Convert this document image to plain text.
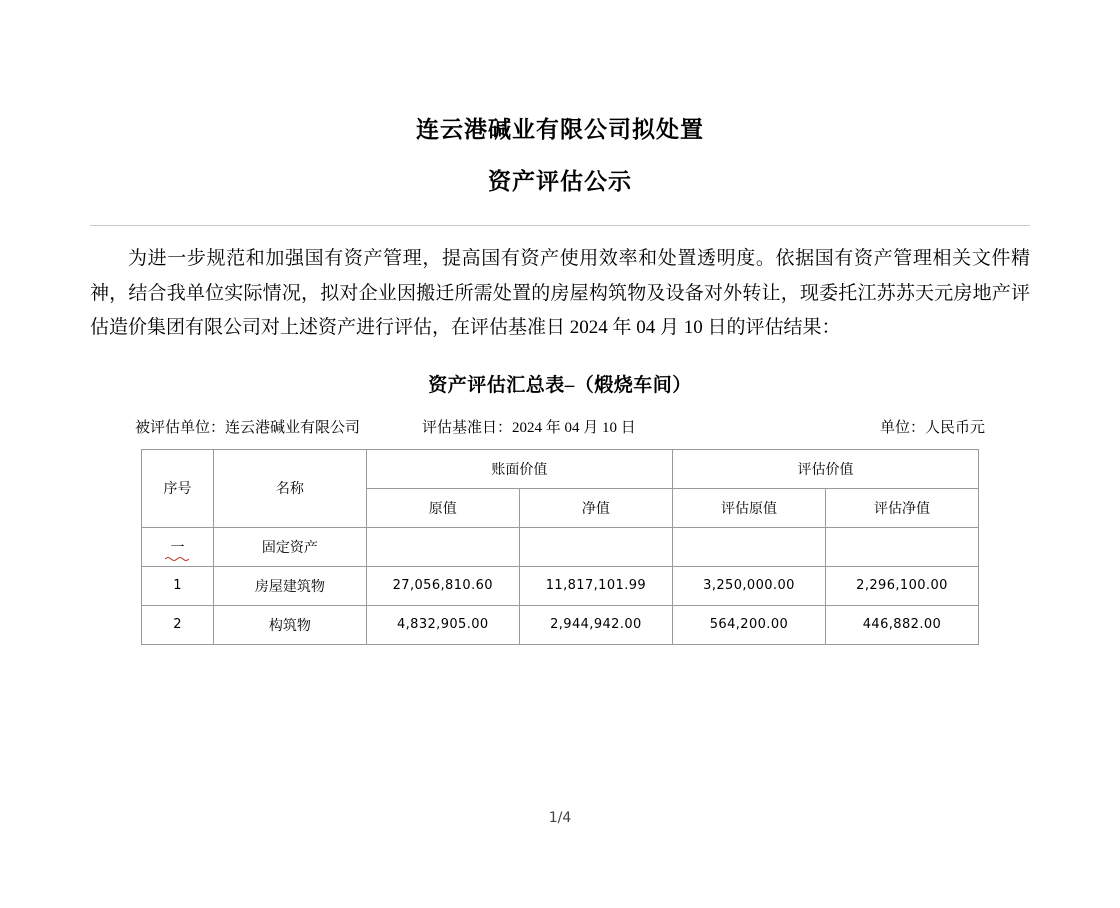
连云港碱业有限公司拟处置
资产评估公示
为进一步规范和加强国有资产管理，提高国有资产使用效率和处置透明度。依据国有资产管理相关文件精神，结合我单位实际情况，拟对企业因搬迁所需处置的房屋构筑物及设备对外转让，现委托江苏苏天元房地产评估造价集团有限公司对上述资产进行评估，在评估基准日 2024 年 04 月 10 日的评估结果：
资产评估汇总表–（煅烧车间）
被评估单位：连云港碱业有限公司	评估基准日：2024 年 04 月 10 日	单位：人民币元
序号	名称	账面价值		评估价值	
		原值	净值	评估原值	评估净值
一	固定资产				
1	房屋建筑物	27,056,810.60	11,817,101.99	3,250,000.00	2,296,100.00
2	构筑物	4,832,905.00	2,944,942.00	564,200.00	446,882.00
1/4
